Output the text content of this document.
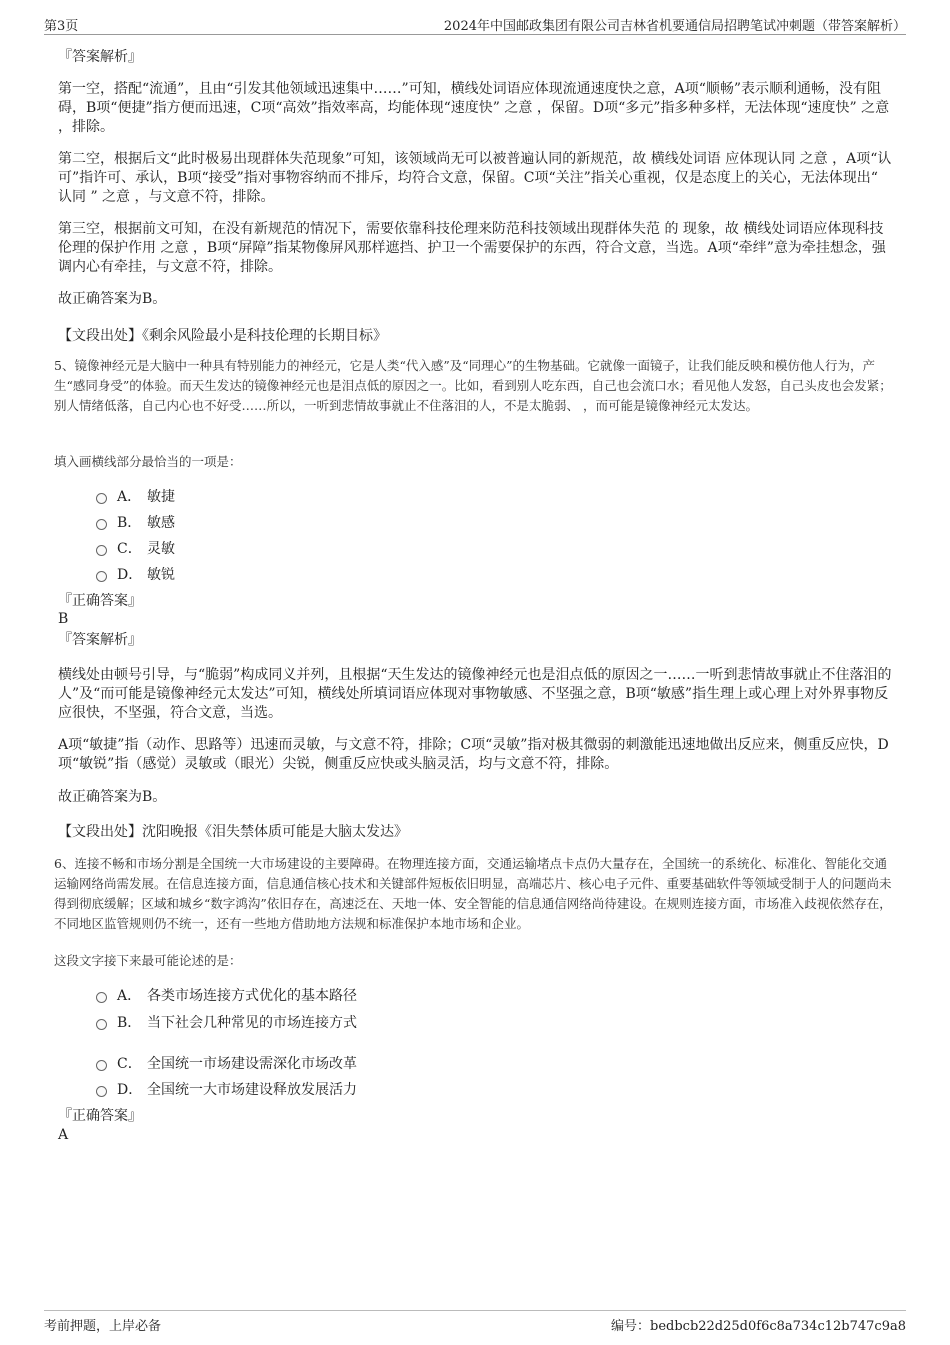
第3页	2024年中国邮政集团有限公司吉林省机要通信局招聘笔试冲刺题（带答案解析）
『答案解析』
第一空，搭配“流通”，且由“引发其他领域迅速集中……”可知，横线处词语应体现流通速度快之意，A项“顺畅”表示顺利通畅，没有阻碍，B项“便捷”指方便而迅速，C项“高效”指效率高，均能体现“速度快” 之意 ，保留。D项“多元”指多种多样，无法体现“速度快” 之意 ，排除。
第二空，根据后文“此时极易出现群体失范现象”可知，该领域尚无可以被普遍认同的新规范，故 横线处词语 应体现认同 之意 ，A项“认可”指许可、承认，B项“接受”指对事物容纳而不排斥，均符合文意，保留。C项“关注”指关心重视，仅是态度上的关心，无法体现出“ 认同 ” 之意 ，与文意不符，排除。
第三空，根据前文可知，在没有新规范的情况下，需要依靠科技伦理来防范科技领域出现群体失范 的 现象，故 横线处词语应体现科技伦理的保护作用 之意 ，B项“屏障”指某物像屏风那样遮挡、护卫一个需要保护的东西，符合文意，当选。A项“牵绊”意为牵挂想念，强调内心有牵挂，与文意不符，排除。
故正确答案为B。
【文段出处】《剩余风险最小是科技伦理的长期目标》
5、镜像神经元是大脑中一种具有特别能力的神经元，它是人类“代入感”及“同理心”的生物基础。它就像一面镜子，让我们能反映和模仿他人行为，产生“感同身受”的体验。而天生发达的镜像神经元也是泪点低的原因之一。比如，看到别人吃东西，自己也会流口水；看见他人发怒，自己头皮也会发紧；别人情绪低落，自己内心也不好受……所以，一听到悲情故事就止不住落泪的人，不是太脆弱、 ，而可能是镜像神经元太发达。
填入画横线部分最恰当的一项是：
A． 敏捷
B． 敏感
C． 灵敏
D． 敏锐
『正确答案』
B
『答案解析』
横线处由顿号引导，与“脆弱”构成同义并列，且根据“天生发达的镜像神经元也是泪点低的原因之一……一听到悲情故事就止不住落泪的人”及“而可能是镜像神经元太发达”可知，横线处所填词语应体现对事物敏感、不坚强之意，B项“敏感”指生理上或心理上对外界事物反应很快，不坚强，符合文意，当选。
A项“敏捷”指（动作、思路等）迅速而灵敏，与文意不符，排除；C项“灵敏”指对极其微弱的刺激能迅速地做出反应来，侧重反应快，D项“敏锐”指（感觉）灵敏或（眼光）尖锐，侧重反应快或头脑灵活，均与文意不符，排除。
故正确答案为B。
【文段出处】沈阳晚报《泪失禁体质可能是大脑太发达》
6、连接不畅和市场分割是全国统一大市场建设的主要障碍。在物理连接方面，交通运输堵点卡点仍大量存在，全国统一的系统化、标准化、智能化交通运输网络尚需发展。在信息连接方面，信息通信核心技术和关键部件短板依旧明显，高端芯片、核心电子元件、重要基础软件等领域受制于人的问题尚未得到彻底缓解；区域和城乡“数字鸿沟”依旧存在，高速泛在、天地一体、安全智能的信息通信网络尚待建设。在规则连接方面，市场准入歧视依然存在，不同地区监管规则仍不统一，还有一些地方借助地方法规和标准保护本地市场和企业。
这段文字接下来最可能论述的是：
A． 各类市场连接方式优化的基本路径
B． 当下社会几种常见的市场连接方式
C． 全国统一市场建设需深化市场改革
D． 全国统一大市场建设释放发展活力
『正确答案』
A
考前押题，上岸必备	编号：bedbcb22d25d0f6c8a734c12b747c9a8
